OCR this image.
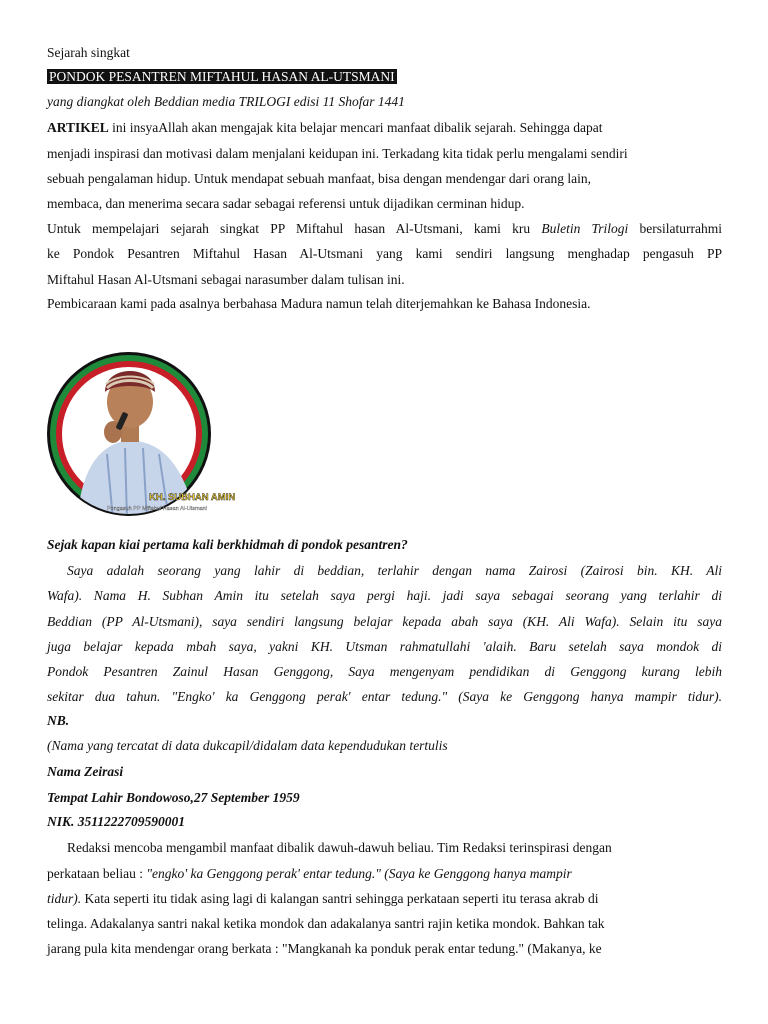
Sejarah singkat
PONDOK PESANTREN MIFTAHUL HASAN AL-UTSMANI
yang diangkat oleh Beddian media TRILOGI edisi 11 Shofar 1441
ARTIKEL ini insyaAllah akan mengajak kita belajar mencari manfaat dibalik sejarah. Sehingga dapat
menjadi inspirasi dan motivasi dalam menjalani keidupan ini. Terkadang kita tidak perlu mengalami sendiri
sebuah pengalaman hidup. Untuk mendapat sebuah manfaat, bisa dengan mendengar dari orang lain,
membaca, dan menerima secara sadar sebagai referensi untuk dijadikan cerminan hidup.
Untuk mempelajari sejarah singkat PP Miftahul hasan Al-Utsmani, kami kru Buletin Trilogi bersilaturrahmi
ke Pondok Pesantren Miftahul Hasan Al-Utsmani yang kami sendiri langsung menghadap pengasuh PP
Miftahul Hasan Al-Utsmani sebagai narasumber dalam tulisan ini.
Pembicaraan kami pada asalnya berbahasa Madura namun telah diterjemahkan ke Bahasa Indonesia.
KH. SUBHAN AMIN
Pengasuh PP Miftahul Hasan Al-Utsmani
Sejak kapan kiai pertama kali berkhidmah di pondok pesantren?
Saya adalah seorang yang lahir di beddian, terlahir dengan nama Zairosi (Zairosi bin. KH. Ali
Wafa). Nama H. Subhan Amin itu setelah saya pergi haji. jadi saya sebagai seorang yang terlahir di
Beddian (PP Al-Utsmani), saya sendiri langsung belajar kepada abah saya (KH. Ali Wafa). Selain itu saya
juga belajar kepada mbah saya, yakni KH. Utsman rahmatullahi 'alaih. Baru setelah saya mondok di
Pondok Pesantren Zainul Hasan Genggong, Saya mengenyam pendidikan di Genggong kurang lebih
sekitar dua tahun. "Engko' ka Genggong perak' entar tedung." (Saya ke Genggong hanya mampir tidur).
NB.
(Nama yang tercatat di data dukcapil/didalam data kependudukan tertulis
Nama Zeirasi
Tempat Lahir Bondowoso,27 September 1959
NIK. 3511222709590001
Redaksi mencoba mengambil manfaat dibalik dawuh-dawuh beliau. Tim Redaksi terinspirasi dengan
perkataan beliau : "engko' ka Genggong perak' entar tedung." (Saya ke Genggong hanya mampir
tidur). Kata seperti itu tidak asing lagi di kalangan santri sehingga perkataan seperti itu terasa akrab di
telinga. Adakalanya santri nakal ketika mondok dan adakalanya santri rajin ketika mondok. Bahkan tak
jarang pula kita mendengar orang berkata : "Mangkanah ka ponduk perak entar tedung." (Makanya, ke
